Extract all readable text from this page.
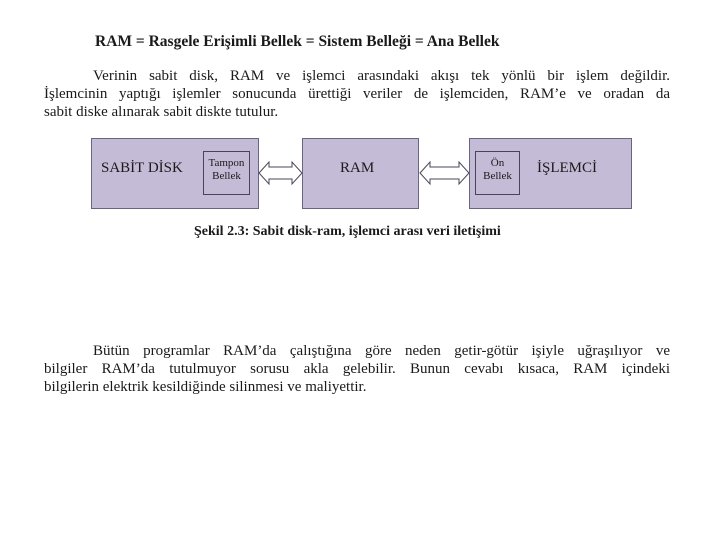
RAM = Rasgele Erişimli Bellek = Sistem Belleği = Ana Bellek
Verinin sabit disk, RAM ve işlemci arasındaki akışı tek yönlü bir işlem değildir.
İşlemcinin yaptığı işlemler sonucunda ürettiği veriler de işlemciden, RAM’e ve oradan da
sabit diske alınarak sabit diskte tutulur.
SABİT DİSK	Tampon
Bellek	RAM	Ön
Bellek	İŞLEMCİ
Şekil 2.3: Sabit disk-ram, işlemci arası veri iletişimi
Bütün programlar RAM’da çalıştığına göre neden getir-götür işiyle uğraşılıyor ve
bilgiler RAM’da tutulmuyor sorusu akla gelebilir. Bunun cevabı kısaca, RAM içindeki
bilgilerin elektrik kesildiğinde silinmesi ve maliyettir.
